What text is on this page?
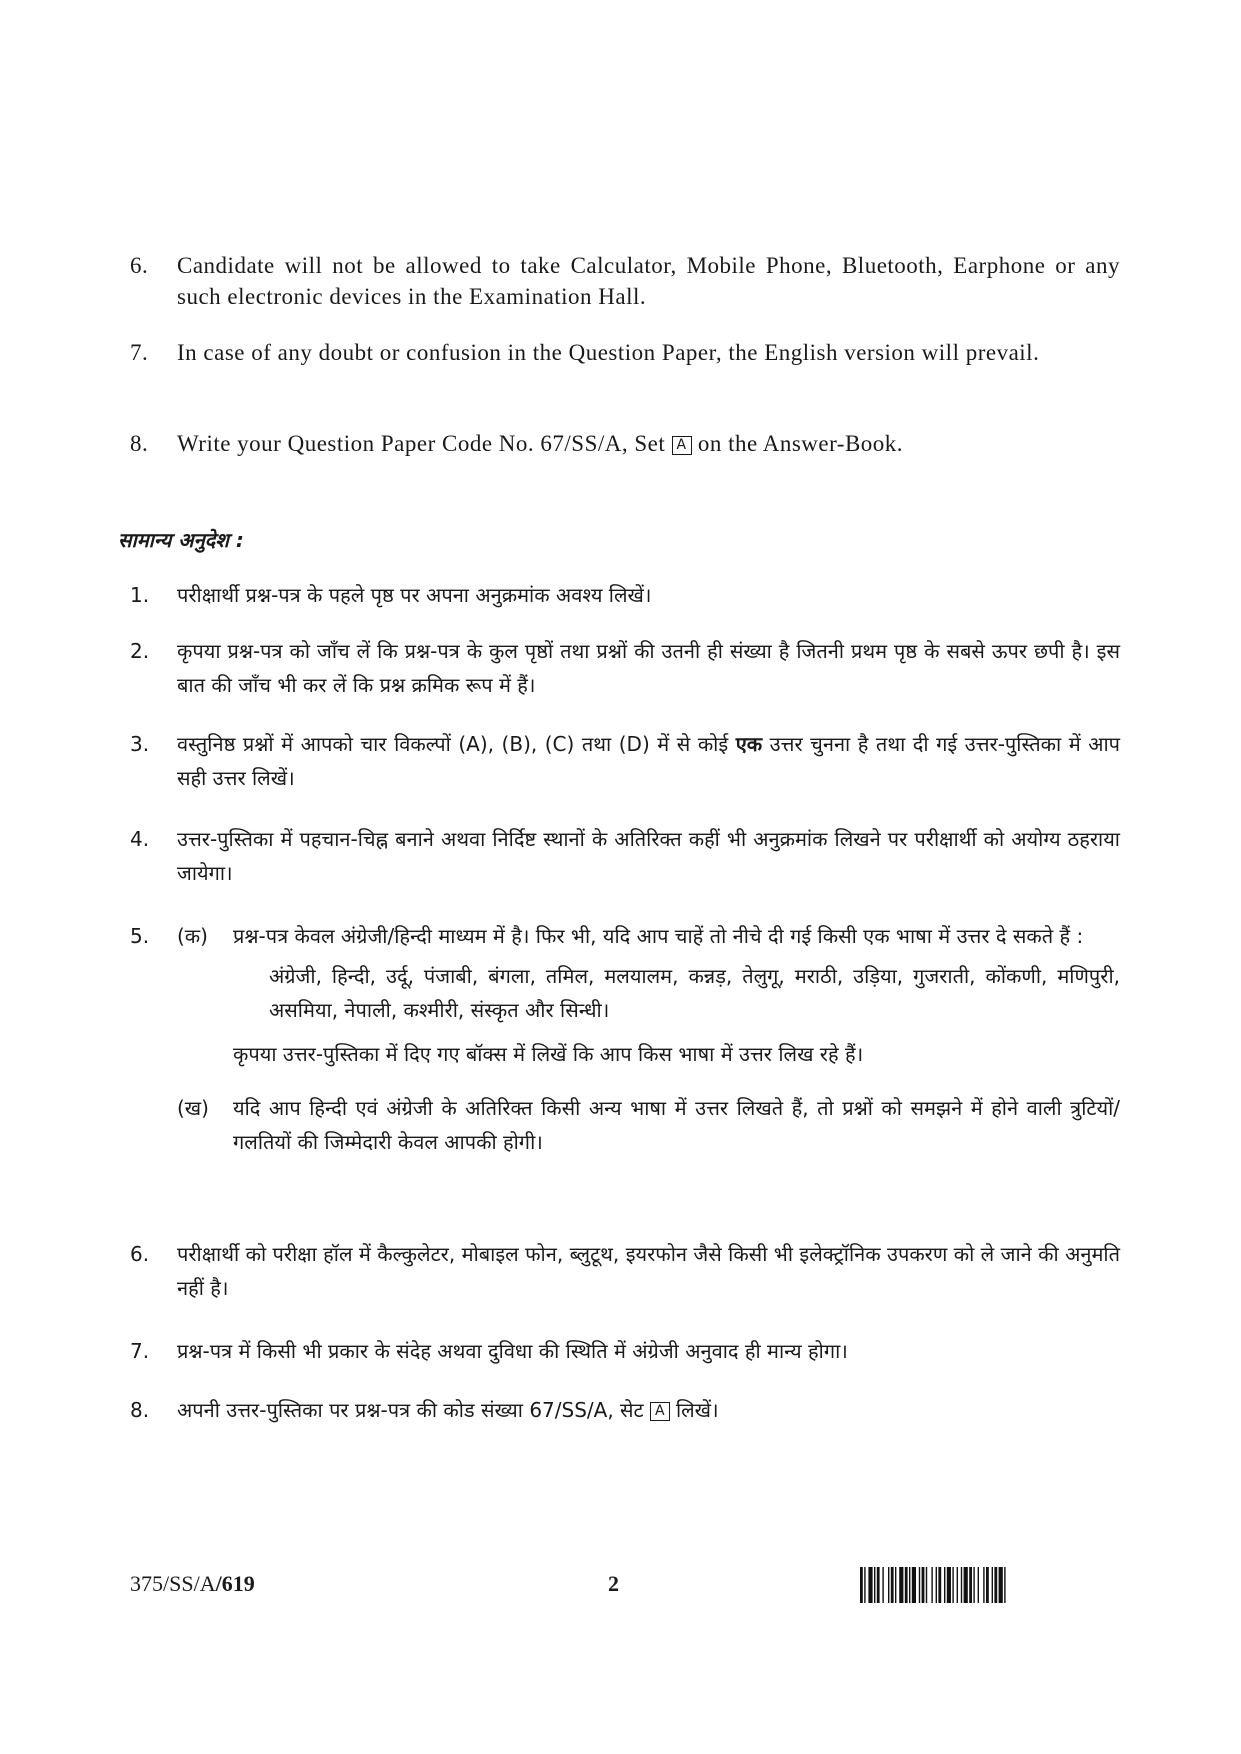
6.	Candidate will not be allowed to take Calculator, Mobile Phone, Bluetooth, Earphone or any such electronic devices in the Examination Hall.
7.	In case of any doubt or confusion in the Question Paper, the English version will prevail.
8.	Write your Question Paper Code No. 67/SS/A, Set A on the Answer-Book.
सामान्य अनुदेश :
1.	परीक्षार्थी प्रश्न-पत्र के पहले पृष्ठ पर अपना अनुक्रमांक अवश्य लिखें।
2.	कृपया प्रश्न-पत्र को जाँच लें कि प्रश्न-पत्र के कुल पृष्ठों तथा प्रश्नों की उतनी ही संख्या है जितनी प्रथम पृष्ठ के सबसे ऊपर छपी है। इस बात की जाँच भी कर लें कि प्रश्न क्रमिक रूप में हैं।
3.	वस्तुनिष्ठ प्रश्नों में आपको चार विकल्पों (A), (B), (C) तथा (D) में से कोई एक उत्तर चुनना है तथा दी गई उत्तर-पुस्तिका में आप सही उत्तर लिखें।
4.	उत्तर-पुस्तिका में पहचान-चिह्न बनाने अथवा निर्दिष्ट स्थानों के अतिरिक्त कहीं भी अनुक्रमांक लिखने पर परीक्षार्थी को अयोग्य ठहराया जायेगा।
5.	(क)	प्रश्न-पत्र केवल अंग्रेजी/हिन्दी माध्यम में है। फिर भी, यदि आप चाहें तो नीचे दी गई किसी एक भाषा में उत्तर दे सकते हैं :
अंग्रेजी, हिन्दी, उर्दू, पंजाबी, बंगला, तमिल, मलयालम, कन्नड़, तेलुगू, मराठी, उड़िया, गुजराती, कोंकणी, मणिपुरी, असमिया, नेपाली, कश्मीरी, संस्कृत और सिन्धी।
कृपया उत्तर-पुस्तिका में दिए गए बॉक्स में लिखें कि आप किस भाषा में उत्तर लिख रहे हैं।
(ख)	यदि आप हिन्दी एवं अंग्रेजी के अतिरिक्त किसी अन्य भाषा में उत्तर लिखते हैं, तो प्रश्नों को समझने में होने वाली त्रुटियों/गलतियों की जिम्मेदारी केवल आपकी होगी।
6.	परीक्षार्थी को परीक्षा हॉल में कैल्कुलेटर, मोबाइल फोन, ब्लुटूथ, इयरफोन जैसे किसी भी इलेक्ट्रॉनिक उपकरण को ले जाने की अनुमति नहीं है।
7.	प्रश्न-पत्र में किसी भी प्रकार के संदेह अथवा दुविधा की स्थिति में अंग्रेजी अनुवाद ही मान्य होगा।
8.	अपनी उत्तर-पुस्तिका पर प्रश्न-पत्र की कोड संख्या 67/SS/A, सेट A लिखें।
375/SS/A/619	2
